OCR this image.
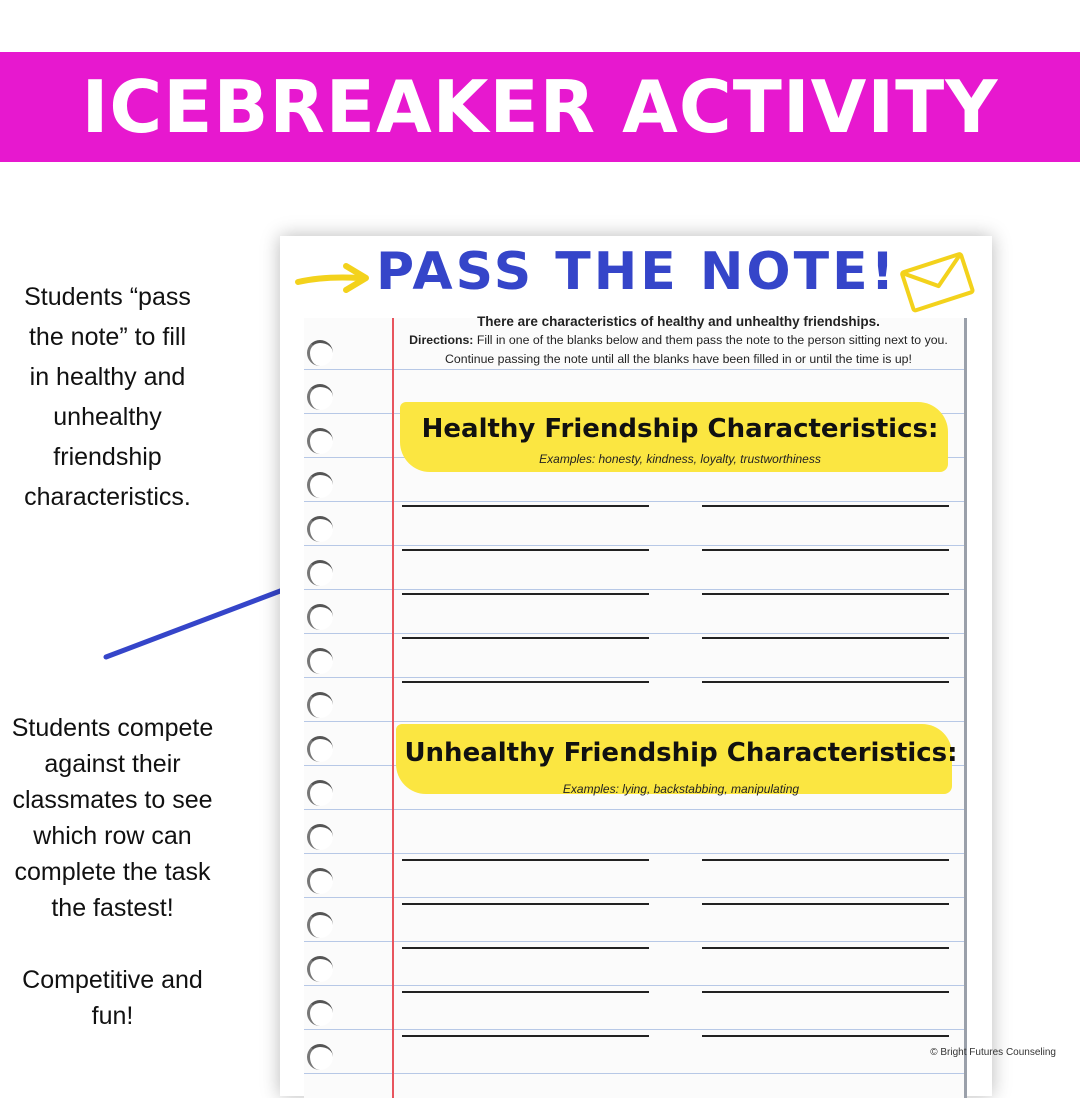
ICEBREAKER ACTIVITY
Students “pass
the note” to fill
in healthy and
unhealthy
friendship
characteristics.
Students compete
against their
classmates to see
which row can
complete the task
the fastest!
Competitive and
fun!
PASS THE NOTE!
There are characteristics of healthy and unhealthy friendships.
Directions: Fill in one of the blanks below and them pass the note to the person sitting next to you. Continue passing the note until all the blanks have been filled in or until the time is up!
Healthy Friendship Characteristics:
Examples: honesty, kindness, loyalty, trustworthiness
Unhealthy Friendship Characteristics:
Examples: lying, backstabbing, manipulating
© Bright Futures Counseling
